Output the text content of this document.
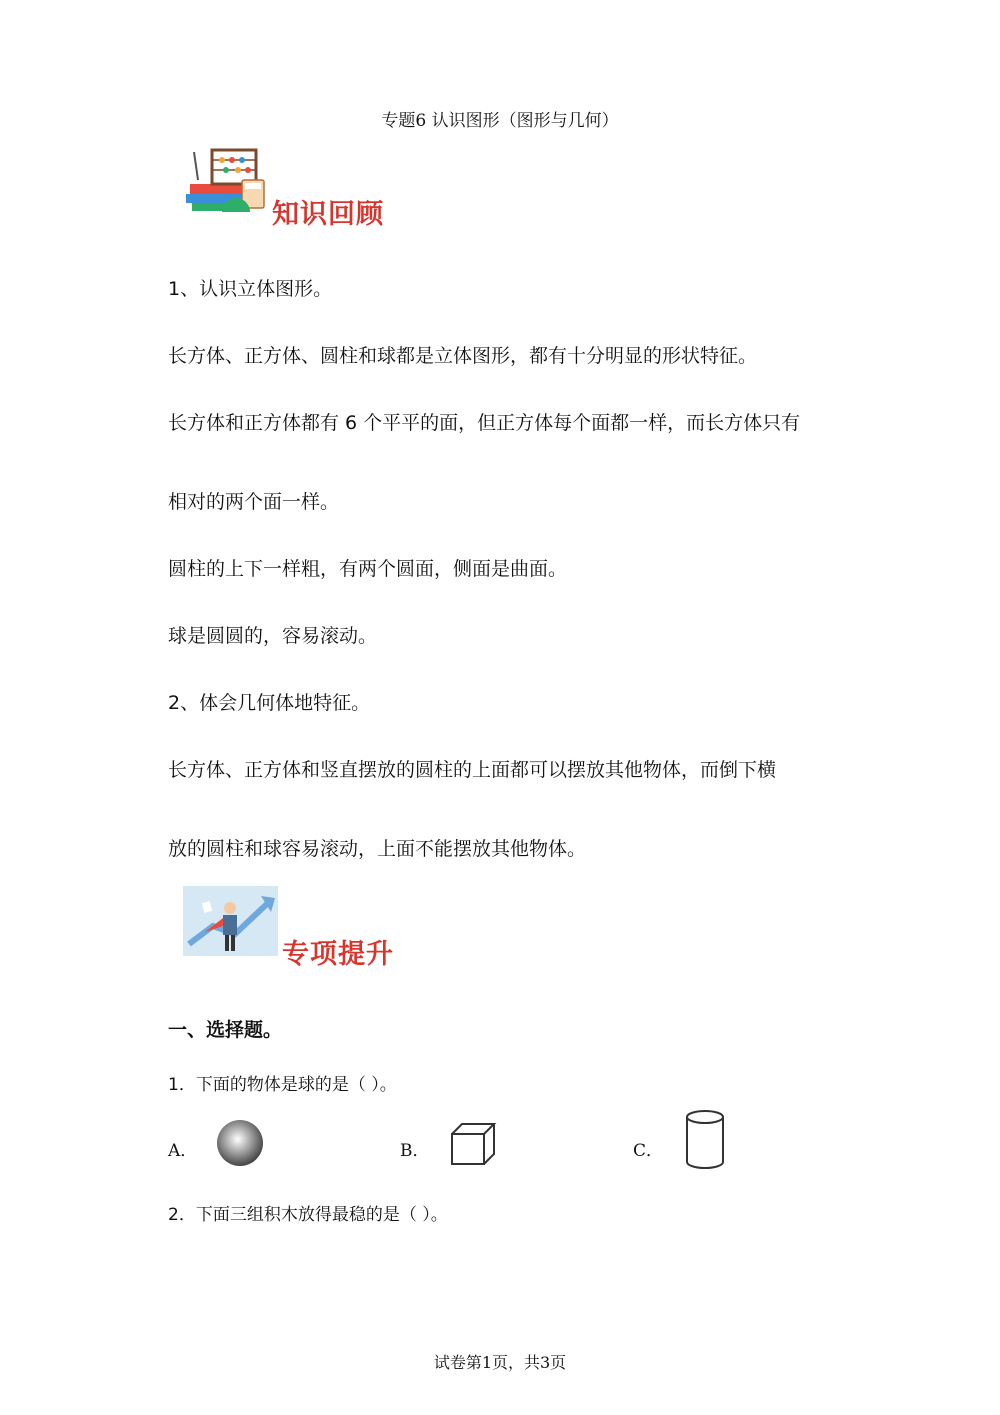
专题6 认识图形（图形与几何）
知识回顾
1、认识立体图形。
长方体、正方体、圆柱和球都是立体图形，都有十分明显的形状特征。
长方体和正方体都有 6 个平平的面，但正方体每个面都一样，而长方体只有
相对的两个面一样。
圆柱的上下一样粗，有两个圆面，侧面是曲面。
球是圆圆的，容易滚动。
2、体会几何体地特征。
长方体、正方体和竖直摆放的圆柱的上面都可以摆放其他物体，而倒下横
放的圆柱和球容易滚动，上面不能摆放其他物体。
专项提升
一、选择题。
1．下面的物体是球的是（ ）。
A．	B．	C．
2．下面三组积木放得最稳的是（ ）。
试卷第1页，共3页
